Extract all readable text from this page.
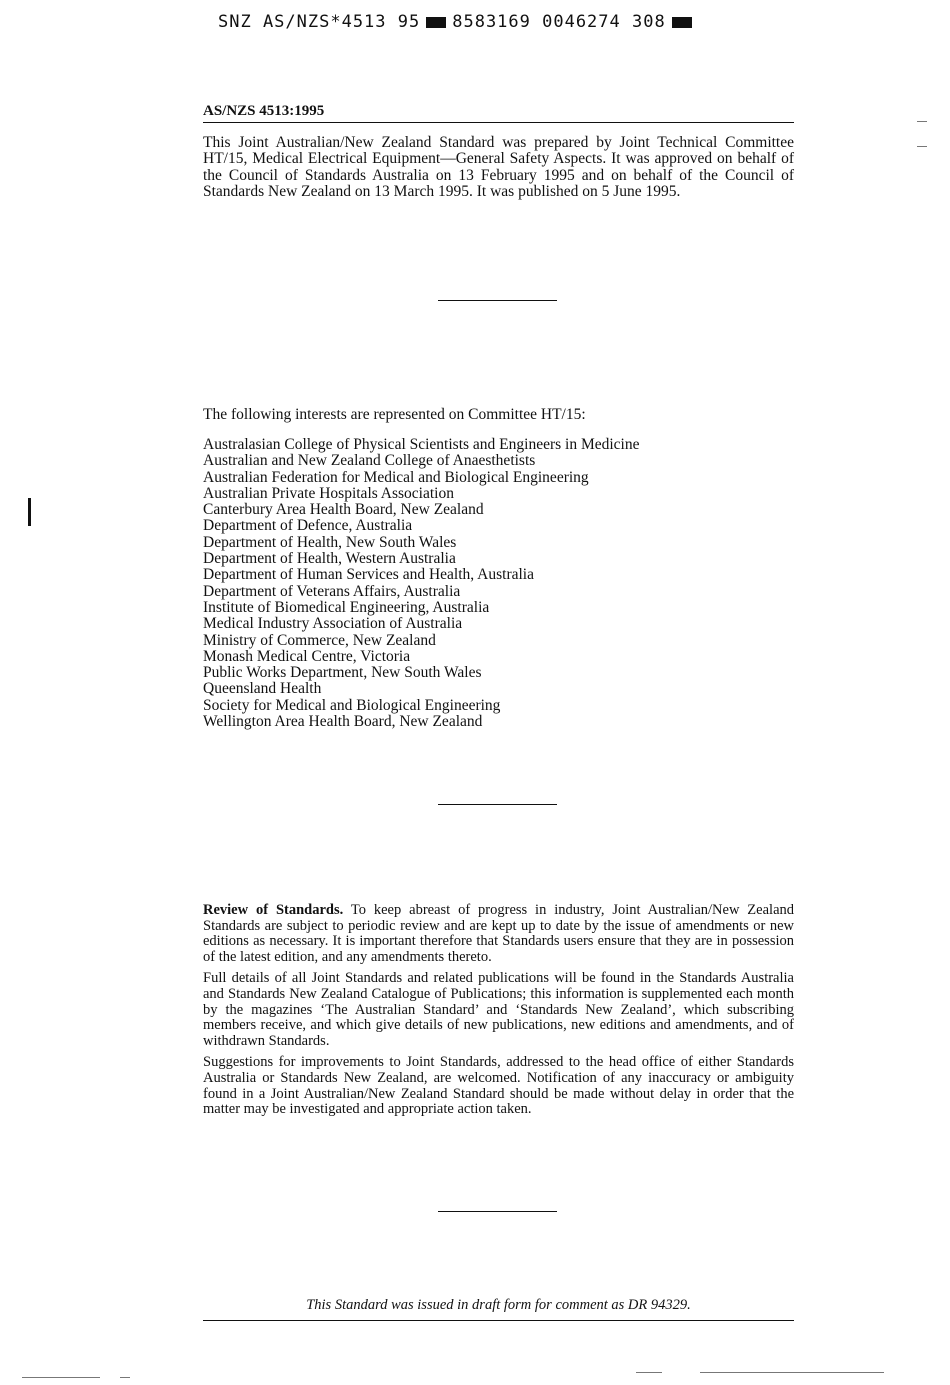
SNZ AS/NZS*4513 95 8583169 0046274 308
AS/NZS 4513:1995
This Joint Australian/New Zealand Standard was prepared by Joint Technical Committee HT/15, Medical Electrical Equipment—General Safety Aspects. It was approved on behalf of the Council of Standards Australia on 13 February 1995 and on behalf of the Council of Standards New Zealand on 13 March 1995. It was published on 5 June 1995.
The following interests are represented on Committee HT/15:
Australasian College of Physical Scientists and Engineers in Medicine
Australian and New Zealand College of Anaesthetists
Australian Federation for Medical and Biological Engineering
Australian Private Hospitals Association
Canterbury Area Health Board, New Zealand
Department of Defence, Australia
Department of Health, New South Wales
Department of Health, Western Australia
Department of Human Services and Health, Australia
Department of Veterans Affairs, Australia
Institute of Biomedical Engineering, Australia
Medical Industry Association of Australia
Ministry of Commerce, New Zealand
Monash Medical Centre, Victoria
Public Works Department, New South Wales
Queensland Health
Society for Medical and Biological Engineering
Wellington Area Health Board, New Zealand

Review of Standards. To keep abreast of progress in industry, Joint Australian/New Zealand Standards are subject to periodic review and are kept up to date by the issue of amendments or new editions as necessary. It is important therefore that Standards users ensure that they are in possession of the latest edition, and any amendments thereto.

Full details of all Joint Standards and related publications will be found in the Standards Australia and Standards New Zealand Catalogue of Publications; this information is supplemented each month by the magazines ‘The Australian Standard’ and ‘Standards New Zealand’, which subscribing members receive, and which give details of new publications, new editions and amendments, and of withdrawn Standards.

Suggestions for improvements to Joint Standards, addressed to the head office of either Standards Australia or Standards New Zealand, are welcomed. Notification of any inaccuracy or ambiguity found in a Joint Australian/New Zealand Standard should be made without delay in order that the matter may be investigated and appropriate action taken.

This Standard was issued in draft form for comment as DR 94329.
